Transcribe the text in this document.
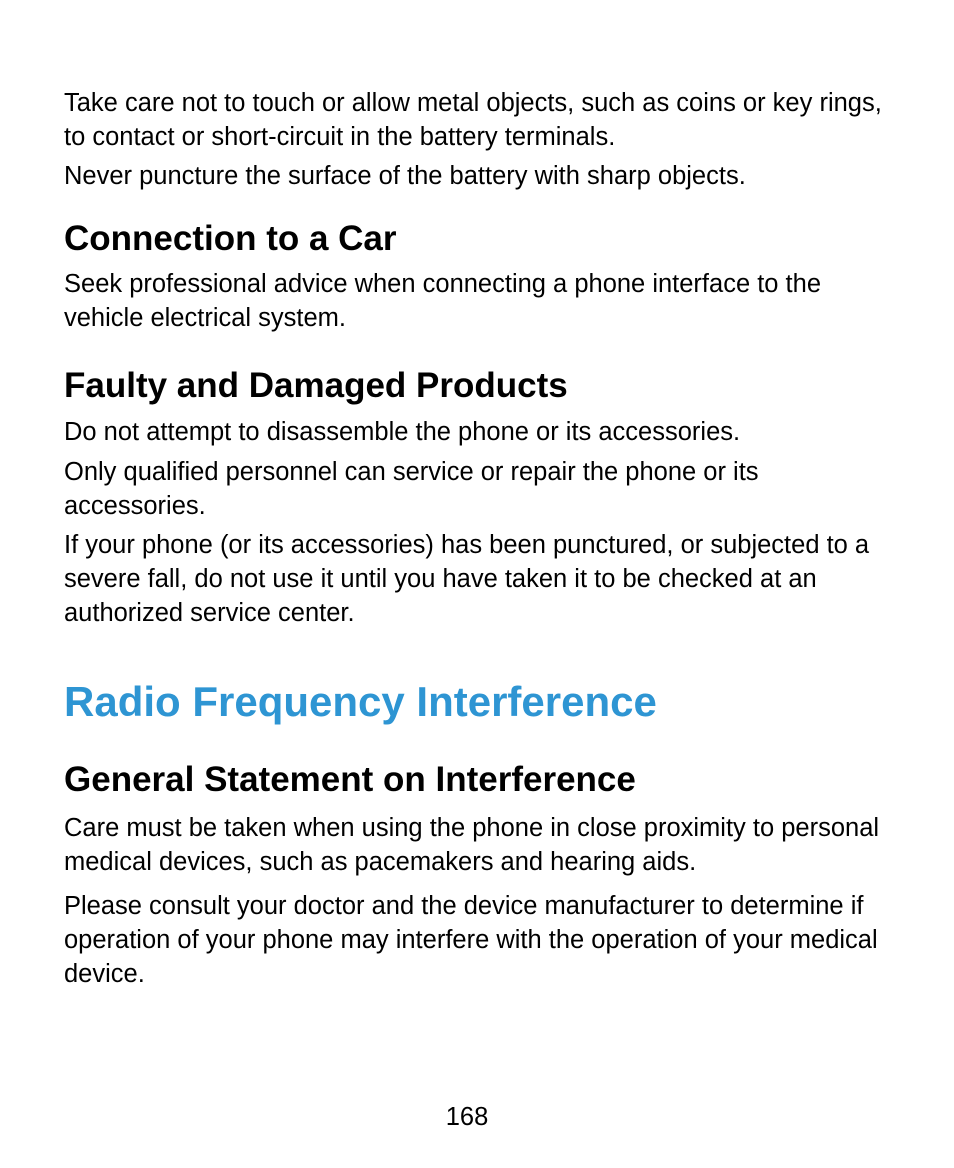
Take care not to touch or allow metal objects, such as coins or key rings, to contact or short-circuit in the battery terminals.

Never puncture the surface of the battery with sharp objects.

Connection to a Car

Seek professional advice when connecting a phone interface to the vehicle electrical system.

Faulty and Damaged Products

Do not attempt to disassemble the phone or its accessories.

Only qualified personnel can service or repair the phone or its accessories.

If your phone (or its accessories) has been punctured, or subjected to a severe fall, do not use it until you have taken it to be checked at an authorized service center.

Radio Frequency Interference
General Statement on Interference

Care must be taken when using the phone in close proximity to personal medical devices, such as pacemakers and hearing aids.

Please consult your doctor and the device manufacturer to determine if operation of your phone may interfere with the operation of your medical device.

168
